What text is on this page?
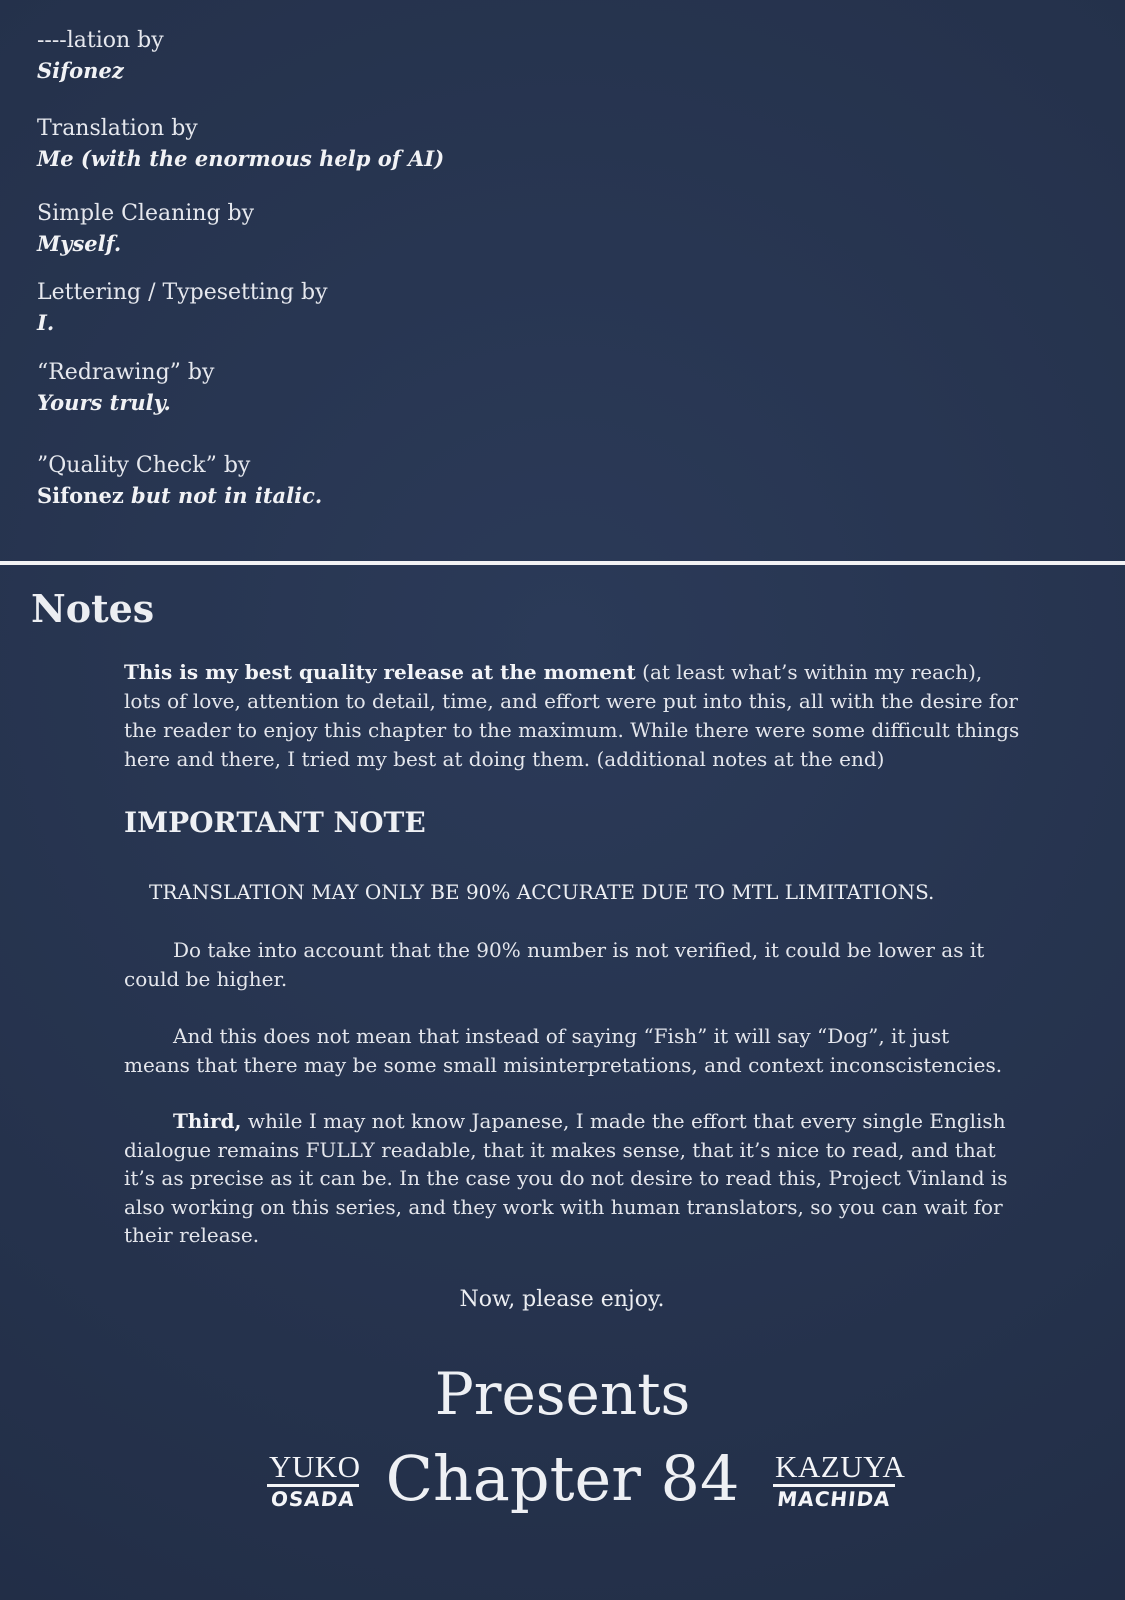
----lation by
Sifonez
Translation by
Me (with the enormous help of AI)
Simple Cleaning by
Myself.
Lettering / Typesetting by
I.
“Redrawing” by
Yours truly.
”Quality Check” by
Sifonez but not in italic.
Notes

This is my best quality release at the moment (at least what’s within my reach), lots of love, attention to detail, time, and effort were put into this, all with the desire for the reader to enjoy this chapter to the maximum. While there were some difficult things here and there, I tried my best at doing them. (additional notes at the end)

IMPORTANT NOTE

TRANSLATION MAY ONLY BE 90% ACCURATE DUE TO MTL LIMITATIONS.

Do take into account that the 90% number is not verified, it could be lower as it could be higher.

And this does not mean that instead of saying “Fish” it will say “Dog”, it just means that there may be some small misinterpretations, and context inconscistencies.

Third, while I may not know Japanese, I made the effort that every single English dialogue remains FULLY readable, that it makes sense, that it’s nice to read, and that it’s as precise as it can be. In the case you do not desire to read this, Project Vinland is also working on this series, and they work with human translators, so you can wait for their release.

Now, please enjoy.

Presents
Chapter 84
YUKO
OSADA
KAZUYA
MACHIDA
